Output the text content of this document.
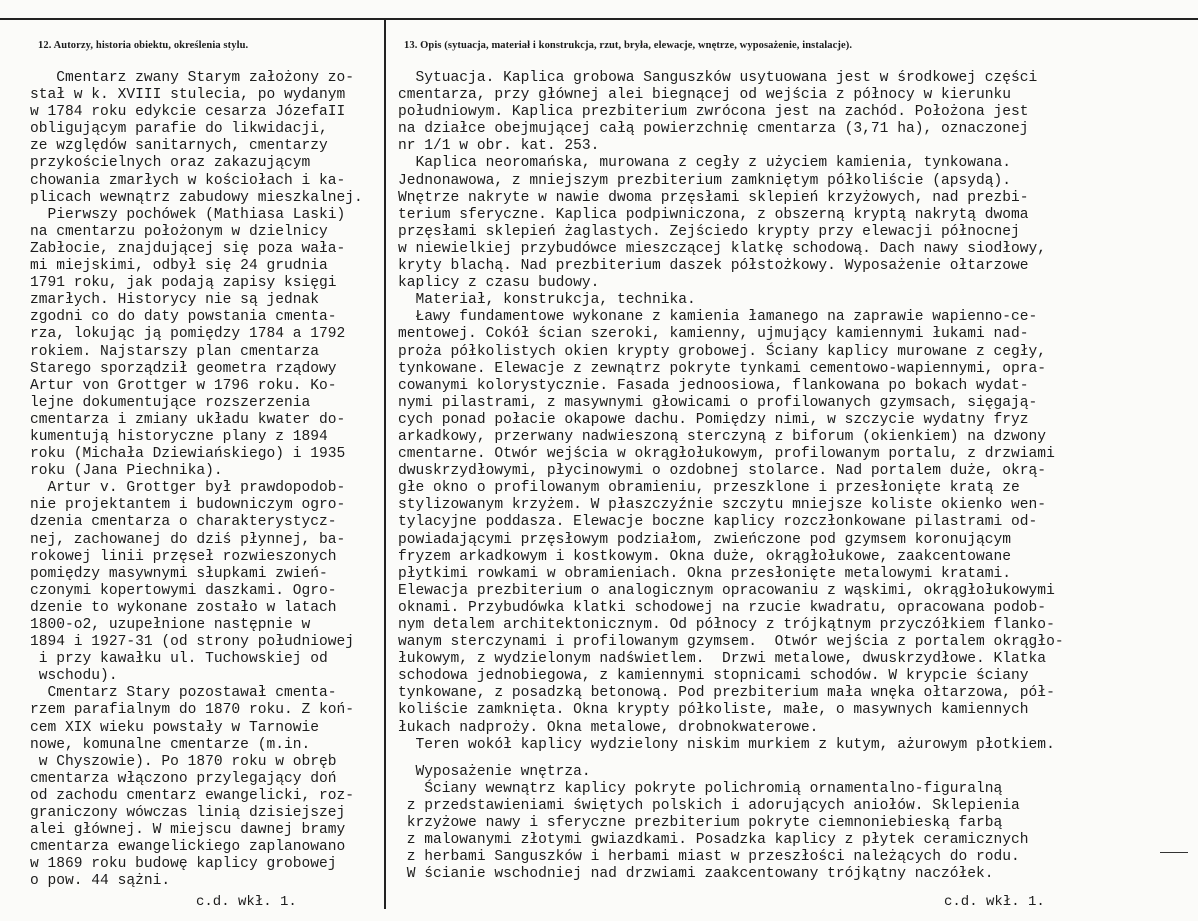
12. Autorzy, historia obiektu, określenia stylu.	13. Opis (sytuacja, materiał i konstrukcja, rzut, bryła, elewacje, wnętrze, wyposażenie, instalacje).
Cmentarz zwany Starym założony zo-
stał w k. XVIII stulecia, po wydanym
w 1784 roku edykcie cesarza JózefaII
obligującym parafie do likwidacji,
ze względów sanitarnych, cmentarzy
przykościelnych oraz zakazującym
chowania zmarłych w kościołach i ka-
plicach wewnątrz zabudowy mieszkalnej.
Pierwszy pochówek (Mathiasa Laski)
na cmentarzu położonym w dzielnicy
Zabłocie, znajdującej się poza wała-
mi miejskimi, odbył się 24 grudnia
1791 roku, jak podają zapisy księgi
zmarłych. Historycy nie są jednak
zgodni co do daty powstania cmenta-
rza, lokując ją pomiędzy 1784 a 1792
rokiem. Najstarszy plan cmentarza
Starego sporządził geometra rządowy
Artur von Grottger w 1796 roku. Ko-
lejne dokumentujące rozszerzenia
cmentarza i zmiany układu kwater do-
kumentują historyczne plany z 1894
roku (Michała Dziewiańskiego) i 1935
roku (Jana Piechnika).
Artur v. Grottger był prawdopodob-
nie projektantem i budowniczym ogro-
dzenia cmentarza o charakterystycz-
nej, zachowanej do dziś płynnej, ba-
rokowej linii przęseł rozwieszonych
pomiędzy masywnymi słupkami zwień-
czonymi kopertowymi daszkami. Ogro-
dzenie to wykonane zostało w latach
1800-o2, uzupełnione następnie w
1894 i 1927-31 (od strony południowej
i przy kawałku ul. Tuchowskiej od
wschodu).
Cmentarz Stary pozostawał cmenta-
rzem parafialnym do 1870 roku. Z koń-
cem XIX wieku powstały w Tarnowie
nowe, komunalne cmentarze (m.in.
w Chyszowie). Po 1870 roku w obręb
cmentarza włączono przylegający doń
od zachodu cmentarz ewangelicki, roz-
graniczony wówczas linią dzisiejszej
alei głównej. W miejscu dawnej bramy
cmentarza ewangelickiego zaplanowano
w 1869 roku budowę kaplicy grobowej
o pow. 44 sążni.
Sytuacja. Kaplica grobowa Sanguszków usytuowana jest w środkowej części
cmentarza, przy głównej alei biegnącej od wejścia z północy w kierunku
południowym. Kaplica prezbiterium zwrócona jest na zachód. Położona jest
na działce obejmującej całą powierzchnię cmentarza (3,71 ha), oznaczonej
nr 1/1 w obr. kat. 253.
Kaplica neoromańska, murowana z cegły z użyciem kamienia, tynkowana.
Jednonawowa, z mniejszym prezbiterium zamkniętym półkoliście (apsydą).
Wnętrze nakryte w nawie dwoma przęsłami sklepień krzyżowych, nad prezbi-
terium sferyczne. Kaplica podpiwniczona, z obszerną kryptą nakrytą dwoma
przęsłami sklepień żaglastych. Zejściedo krypty przy elewacji północnej
w niewielkiej przybudówce mieszczącej klatkę schodową. Dach nawy siodłowy,
kryty blachą. Nad prezbiterium daszek półstożkowy. Wyposażenie ołtarzowe
kaplicy z czasu budowy.
Materiał, konstrukcja, technika.
Ławy fundamentowe wykonane z kamienia łamanego na zaprawie wapienno-ce-
mentowej. Cokół ścian szeroki, kamienny, ujmujący kamiennymi łukami nad-
proża półkolistych okien krypty grobowej. Ściany kaplicy murowane z cegły,
tynkowane. Elewacje z zewnątrz pokryte tynkami cementowo-wapiennymi, opra-
cowanymi kolorystycznie. Fasada jednoosiowa, flankowana po bokach wydat-
nymi pilastrami, z masywnymi głowicami o profilowanych gzymsach, sięgają-
cych ponad połacie okapowe dachu. Pomiędzy nimi, w szczycie wydatny fryz
arkadkowy, przerwany nadwieszoną sterczyną z biforum (okienkiem) na dzwony
cmentarne. Otwór wejścia w okrągłołukowym, profilowanym portalu, z drzwiami
dwuskrzydłowymi, płycinowymi o ozdobnej stolarce. Nad portalem duże, okrą-
głe okno o profilowanym obramieniu, przeszklone i przesłonięte kratą ze
stylizowanym krzyżem. W płaszczyźnie szczytu mniejsze koliste okienko wen-
tylacyjne poddasza. Elewacje boczne kaplicy rozczłonkowane pilastrami od-
powiadającymi przęsłowym podziałom, zwieńczone pod gzymsem koronującym
fryzem arkadkowym i kostkowym. Okna duże, okrągłołukowe, zaakcentowane
płytkimi rowkami w obramieniach. Okna przesłonięte metalowymi kratami.
Elewacja prezbiterium o analogicznym opracowaniu z wąskimi, okrągłołukowymi
oknami. Przybudówka klatki schodowej na rzucie kwadratu, opracowana podob-
nym detalem architektonicznym. Od północy z trójkątnym przyczółkiem flanko-
wanym sterczynami i profilowanym gzymsem.  Otwór wejścia z portalem okrągło-
łukowym, z wydzielonym nadświetlem.  Drzwi metalowe, dwuskrzydłowe. Klatka
schodowa jednobiegowa, z kamiennymi stopnicami schodów. W krypcie ściany
tynkowane, z posadzką betonową. Pod prezbiterium mała wnęka ołtarzowa, pół-
koliście zamknięta. Okna krypty półkoliste, małe, o masywnych kamiennych
łukach nadproży. Okna metalowe, drobnokwaterowe.
Teren wokół kaplicy wydzielony niskim murkiem z kutym, ażurowym płotkiem.
Wyposażenie wnętrza.
Ściany wewnątrz kaplicy pokryte polichromią ornamentalno-figuralną
z przedstawieniami świętych polskich i adorujących aniołów. Sklepienia
krzyżowe nawy i sferyczne prezbiterium pokryte ciemnoniebieską farbą
z malowanymi złotymi gwiazdkami. Posadzka kaplicy z płytek ceramicznych
z herbami Sanguszków i herbami miast w przeszłości należących do rodu.
W ścianie wschodniej nad drzwiami zaakcentowany trójkątny naczółek.
c.d. wkł. 1.	c.d. wkł. 1.
